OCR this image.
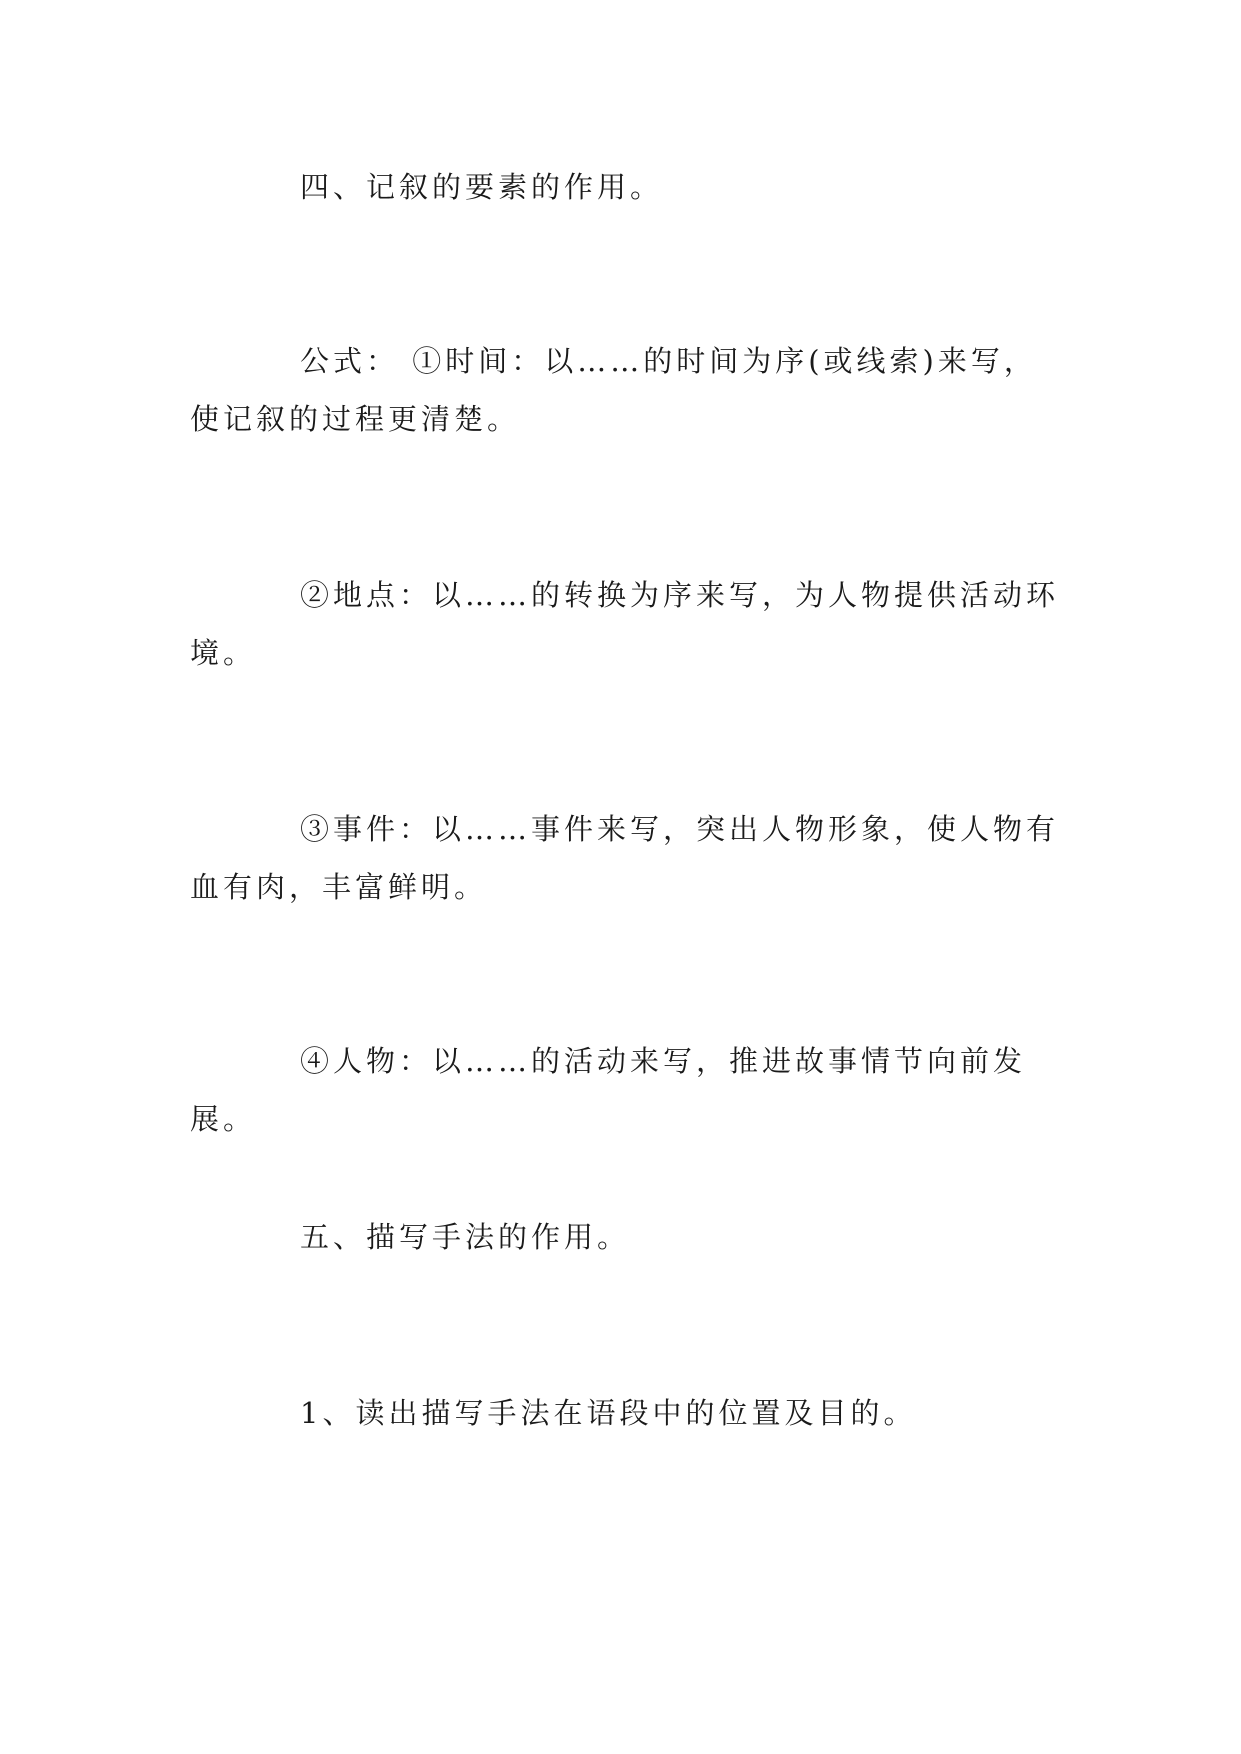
四、记叙的要素的作用。

公式： ①时间：以……的时间为序(或线索)来写，使记叙的过程更清楚。

②地点：以……的转换为序来写，为人物提供活动环境。

③事件：以……事件来写，突出人物形象，使人物有血有肉，丰富鲜明。

④人物：以……的活动来写，推进故事情节向前发展。

五、描写手法的作用。

1、读出描写手法在语段中的位置及目的。
